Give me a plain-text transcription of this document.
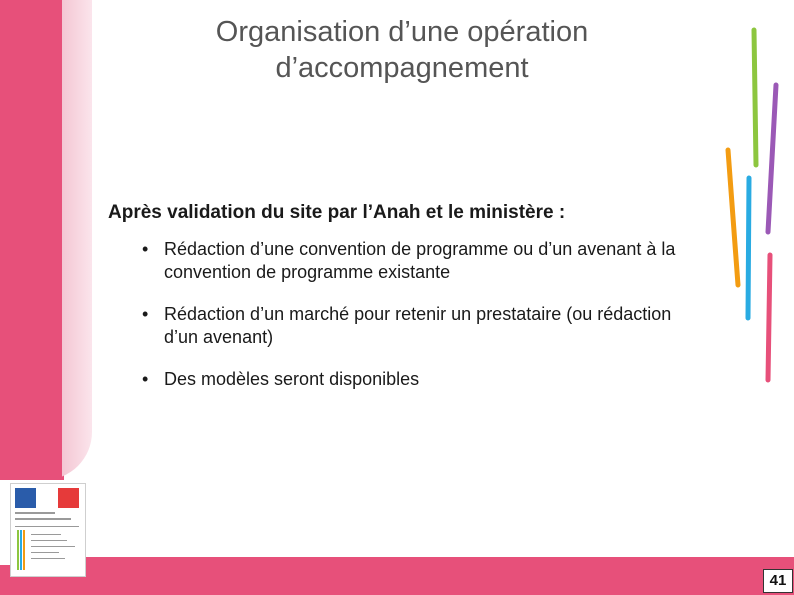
Organisation d’une opération
d’accompagnement

Après validation du site par l’Anah et le ministère :

• Rédaction d’une convention de programme ou d’un avenant à la convention de programme existante
• Rédaction d’un marché pour retenir un prestataire (ou rédaction d’un avenant)
• Des modèles seront disponibles
41
